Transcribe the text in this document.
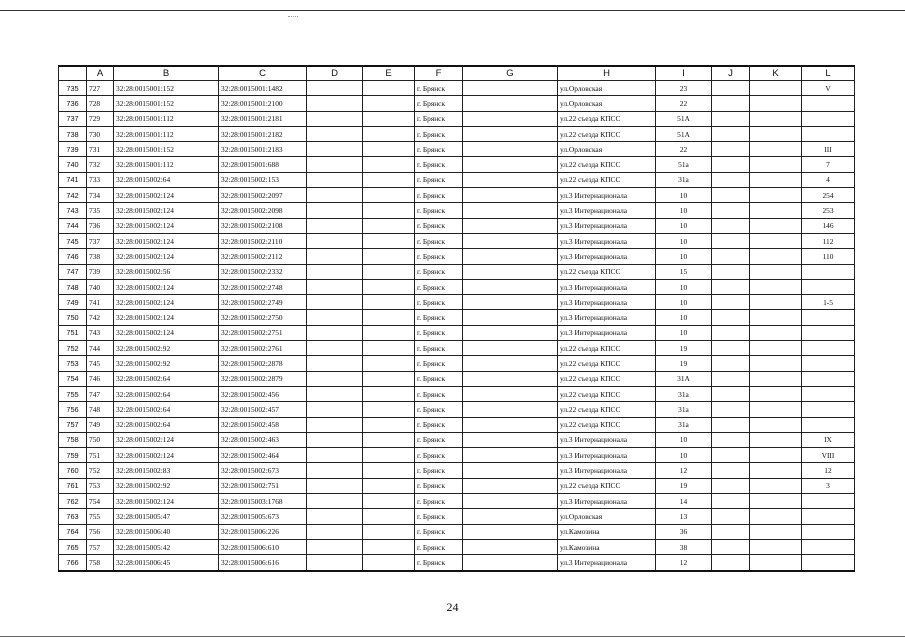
	A	B	C	D	E	F	G	H	I	J	K	L
735	727	32:28:0015001:152	32:28:0015001:1482			г. Брянск		ул.Орловская	23			V
736	728	32:28:0015001:152	32:28:0015001:2100			г. Брянск		ул.Орловская	22			
737	729	32:28:0015001:112	32:28:0015001:2181			г. Брянск		ул.22 съезда КПСС	51А			
738	730	32:28:0015001:112	32:28:0015001:2182			г. Брянск		ул.22 съезда КПСС	51А			
739	731	32:28:0015001:152	32:28:0015001:2183			г. Брянск		ул.Орловская	22			III
740	732	32:28:0015001:112	32:28:0015001:688			г. Брянск		ул.22 съезда КПСС	51а			7
741	733	32:28:0015002:64	32:28:0015002:153			г. Брянск		ул.22 съезда КПСС	31а			4
742	734	32:28:0015002:124	32:28:0015002:2097			г. Брянск		ул.3 Интернационала	10			254
743	735	32:28:0015002:124	32:28:0015002:2098			г. Брянск		ул.3 Интернационала	10			253
744	736	32:28:0015002:124	32:28:0015002:2108			г. Брянск		ул.3 Интернационала	10			146
745	737	32:28:0015002:124	32:28:0015002:2110			г. Брянск		ул.3 Интернационала	10			112
746	738	32:28:0015002:124	32:28:0015002:2112			г. Брянск		ул.3 Интернационала	10			110
747	739	32:28:0015002:56	32:28:0015002:2332			г. Брянск		ул.22 съезда КПСС	15			
748	740	32:28:0015002:124	32:28:0015002:2748			г. Брянск		ул.3 Интернационала	10			
749	741	32:28:0015002:124	32:28:0015002:2749			г. Брянск		ул.3 Интернационала	10			1-5
750	742	32:28:0015002:124	32:28:0015002:2750			г. Брянск		ул.3 Интернационала	10			
751	743	32:28:0015002:124	32:28:0015002:2751			г. Брянск		ул.3 Интернационала	10			
752	744	32:28:0015002:92	32:28:0015002:2761			г. Брянск		ул.22 съезда КПСС	19			
753	745	32:28:0015002:92	32:28:0015002:2878			г. Брянск		ул.22 съезда КПСС	19			
754	746	32:28:0015002:64	32:28:0015002:2879			г. Брянск		ул.22 съезда КПСС	31А			
755	747	32:28:0015002:64	32:28:0015002:456			г. Брянск		ул.22 съезда КПСС	31а			
756	748	32:28:0015002:64	32:28:0015002:457			г. Брянск		ул.22 съезда КПСС	31а			
757	749	32:28:0015002:64	32:28:0015002:458			г. Брянск		ул.22 съезда КПСС	31а			
758	750	32:28:0015002:124	32:28:0015002:463			г. Брянск		ул.3 Интернационала	10			IX
759	751	32:28:0015002:124	32:28:0015002:464			г. Брянск		ул.3 Интернационала	10			VIII
760	752	32:28:0015002:83	32:28:0015002:673			г. Брянск		ул.3 Интернационала	12			12
761	753	32:28:0015002:92	32:28:0015002:751			г. Брянск		ул.22 съезда КПСС	19			3
762	754	32:28:0015002:124	32:28:0015003:1768			г. Брянск		ул.3 Интернационала	14			
763	755	32:28:0015005:47	32:28:0015005:673			г. Брянск		ул.Орловская	13			
764	756	32:28:0015006:40	32:28:0015006:226			г. Брянск		ул.Камозина	36			
765	757	32:28:0015005:42	32:28:0015006:610			г. Брянск		ул.Камозина	38			
766	758	32:28:0015006:45	32:28:0015006:616			г. Брянск		ул.3 Интернационала	12			
24
